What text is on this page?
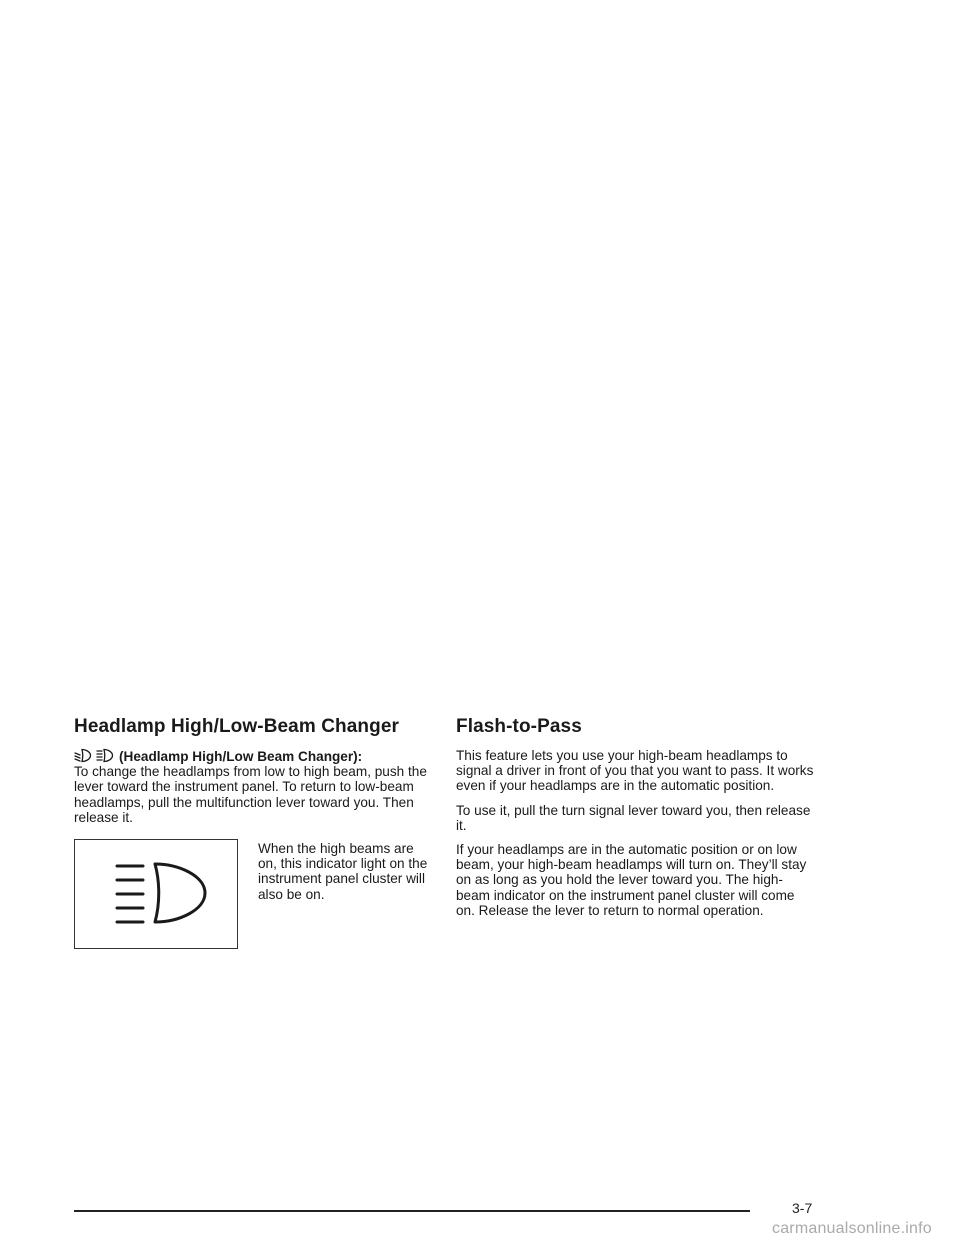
Headlamp High/Low-Beam Changer

(Headlamp High/Low Beam Changer):
To change the headlamps from low to high beam, push the lever toward the instrument panel. To return to low-beam headlamps, pull the multifunction lever toward you. Then release it.

When the high beams are on, this indicator light on the instrument panel cluster will also be on.

Flash-to-Pass

This feature lets you use your high-beam headlamps to signal a driver in front of you that you want to pass. It works even if your headlamps are in the automatic position.

To use it, pull the turn signal lever toward you, then release it.

If your headlamps are in the automatic position or on low beam, your high-beam headlamps will turn on. They’ll stay on as long as you hold the lever toward you. The high-beam indicator on the instrument panel cluster will come on. Release the lever to return to normal operation.

3-7
carmanualsonline.info
